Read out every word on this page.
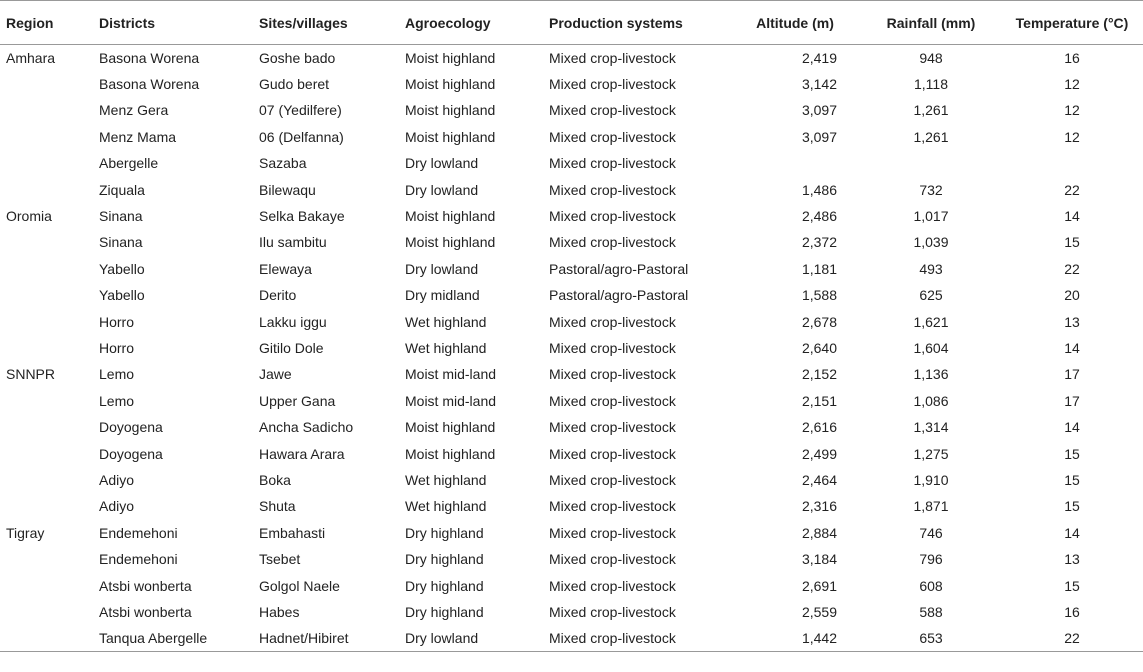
Region	Districts	Sites/villages	Agroecology	Production systems	Altitude (m)	Rainfall (mm)	Temperature (°C)
Amhara	Basona Worena	Goshe bado	Moist highland	Mixed crop-livestock	2,419	948	16
	Basona Worena	Gudo beret	Moist highland	Mixed crop-livestock	3,142	1,118	12
	Menz Gera	07 (Yedilfere)	Moist highland	Mixed crop-livestock	3,097	1,261	12
	Menz Mama	06 (Delfanna)	Moist highland	Mixed crop-livestock	3,097	1,261	12
	Abergelle	Sazaba	Dry lowland	Mixed crop-livestock			
	Ziquala	Bilewaqu	Dry lowland	Mixed crop-livestock	1,486	732	22
Oromia	Sinana	Selka Bakaye	Moist highland	Mixed crop-livestock	2,486	1,017	14
	Sinana	Ilu sambitu	Moist highland	Mixed crop-livestock	2,372	1,039	15
	Yabello	Elewaya	Dry lowland	Pastoral/agro-Pastoral	1,181	493	22
	Yabello	Derito	Dry midland	Pastoral/agro-Pastoral	1,588	625	20
	Horro	Lakku iggu	Wet highland	Mixed crop-livestock	2,678	1,621	13
	Horro	Gitilo Dole	Wet highland	Mixed crop-livestock	2,640	1,604	14
SNNPR	Lemo	Jawe	Moist mid-land	Mixed crop-livestock	2,152	1,136	17
	Lemo	Upper Gana	Moist mid-land	Mixed crop-livestock	2,151	1,086	17
	Doyogena	Ancha Sadicho	Moist highland	Mixed crop-livestock	2,616	1,314	14
	Doyogena	Hawara Arara	Moist highland	Mixed crop-livestock	2,499	1,275	15
	Adiyo	Boka	Wet highland	Mixed crop-livestock	2,464	1,910	15
	Adiyo	Shuta	Wet highland	Mixed crop-livestock	2,316	1,871	15
Tigray	Endemehoni	Embahasti	Dry highland	Mixed crop-livestock	2,884	746	14
	Endemehoni	Tsebet	Dry highland	Mixed crop-livestock	3,184	796	13
	Atsbi wonberta	Golgol Naele	Dry highland	Mixed crop-livestock	2,691	608	15
	Atsbi wonberta	Habes	Dry highland	Mixed crop-livestock	2,559	588	16
	Tanqua Abergelle	Hadnet/Hibiret	Dry lowland	Mixed crop-livestock	1,442	653	22
